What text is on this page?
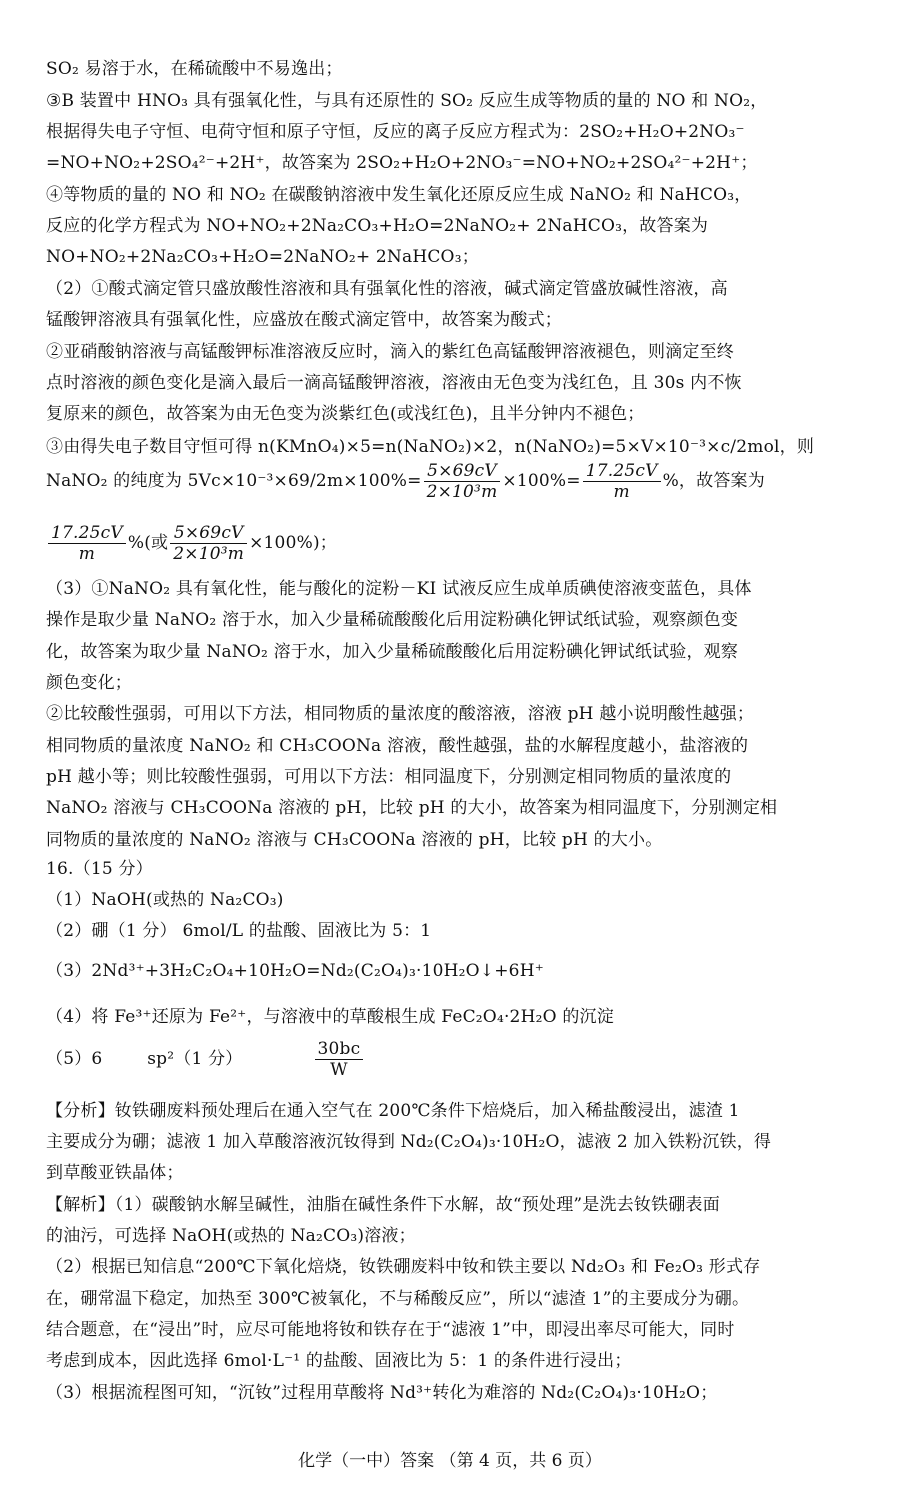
SO₂ 易溶于水，在稀硫酸中不易逸出；
③B 装置中 HNO₃ 具有强氧化性，与具有还原性的 SO₂ 反应生成等物质的量的 NO 和 NO₂，
根据得失电子守恒、电荷守恒和原子守恒，反应的离子反应方程式为：2SO₂+H₂O+2NO₃⁻
=NO+NO₂+2SO₄²⁻+2H⁺，故答案为 2SO₂+H₂O+2NO₃⁻=NO+NO₂+2SO₄²⁻+2H⁺；
④等物质的量的 NO 和 NO₂ 在碳酸钠溶液中发生氧化还原反应生成 NaNO₂ 和 NaHCO₃，
反应的化学方程式为 NO+NO₂+2Na₂CO₃+H₂O=2NaNO₂+ 2NaHCO₃，故答案为
NO+NO₂+2Na₂CO₃+H₂O=2NaNO₂+ 2NaHCO₃；
（2）①酸式滴定管只盛放酸性溶液和具有强氧化性的溶液，碱式滴定管盛放碱性溶液，高
锰酸钾溶液具有强氧化性，应盛放在酸式滴定管中，故答案为酸式；
②亚硝酸钠溶液与高锰酸钾标准溶液反应时，滴入的紫红色高锰酸钾溶液褪色，则滴定至终
点时溶液的颜色变化是滴入最后一滴高锰酸钾溶液，溶液由无色变为浅红色，且 30s 内不恢
复原来的颜色，故答案为由无色变为淡紫红色(或浅红色)，且半分钟内不褪色；
③由得失电子数目守恒可得 n(KMnO₄)×5=n(NaNO₂)×2，n(NaNO₂)=5×V×10⁻³×c/2mol，则
NaNO₂ 的纯度为 $5Vc\times 10^{-3}\times 69/2m\times 100\%= \frac{5\times 69cV}{\text{2×10³m}} \times 100\%= \frac{17.25cV}{m}$ %，故答案为
$\frac{17.25cV}{m}$ %(或 $\frac{5\times 69cV}{\text{2×10³m}} \times 100\%$)；
（3）①NaNO₂ 具有氧化性，能与酸化的淀粉－KI 试液反应生成单质碘使溶液变蓝色，具体
操作是取少量 NaNO₂ 溶于水，加入少量稀硫酸酸化后用淀粉碘化钾试纸试验，观察颜色变
化，故答案为取少量 NaNO₂ 溶于水，加入少量稀硫酸酸化后用淀粉碘化钾试纸试验，观察
颜色变化；
②比较酸性强弱，可用以下方法，相同物质的量浓度的酸溶液，溶液 pH 越小说明酸性越强；
相同物质的量浓度 NaNO₂ 和 CH₃COONa 溶液，酸性越强，盐的水解程度越小，盐溶液的
pH 越小等；则比较酸性强弱，可用以下方法：相同温度下，分别测定相同物质的量浓度的
NaNO₂ 溶液与 CH₃COONa 溶液的 pH，比较 pH 的大小，故答案为相同温度下，分别测定相
同物质的量浓度的 NaNO₂ 溶液与 CH₃COONa 溶液的 pH，比较 pH 的大小。
16.（15 分）
（1）NaOH(或热的 Na₂CO₃)
（2）硼（1 分） 6mol/L 的盐酸、固液比为 5：1
（3）2Nd³⁺+3H₂C₂O₄+10H₂O=Nd₂(C₂O₄)₃·10H₂O↓+6H⁺
（4）将 Fe³⁺还原为 Fe²⁺，与溶液中的草酸根生成 FeC₂O₄·2H₂O 的沉淀
（5）6        sp²（1 分）	$\frac{30bc}{W}$
【分析】钕铁硼废料预处理后在通入空气在 200℃条件下焙烧后，加入稀盐酸浸出，滤渣 1
主要成分为硼；滤液 1 加入草酸溶液沉钕得到 Nd₂(C₂O₄)₃·10H₂O，滤液 2 加入铁粉沉铁，得
到草酸亚铁晶体；
【解析】（1）碳酸钠水解呈碱性，油脂在碱性条件下水解，故“预处理”是洗去钕铁硼表面
的油污，可选择 NaOH(或热的 Na₂CO₃)溶液；
（2）根据已知信息“200℃下氧化焙烧，钕铁硼废料中钕和铁主要以 Nd₂O₃ 和 Fe₂O₃ 形式存
在，硼常温下稳定，加热至 300℃被氧化，不与稀酸反应”，所以“滤渣 1”的主要成分为硼。
结合题意，在“浸出”时，应尽可能地将钕和铁存在于“滤液 1”中，即浸出率尽可能大，同时
考虑到成本，因此选择 6mol·L⁻¹ 的盐酸、固液比为 5：1 的条件进行浸出；
（3）根据流程图可知，“沉钕”过程用草酸将 Nd³⁺转化为难溶的 Nd₂(C₂O₄)₃·10H₂O；
化学（一中）答案 （第 4 页，共 6 页）
